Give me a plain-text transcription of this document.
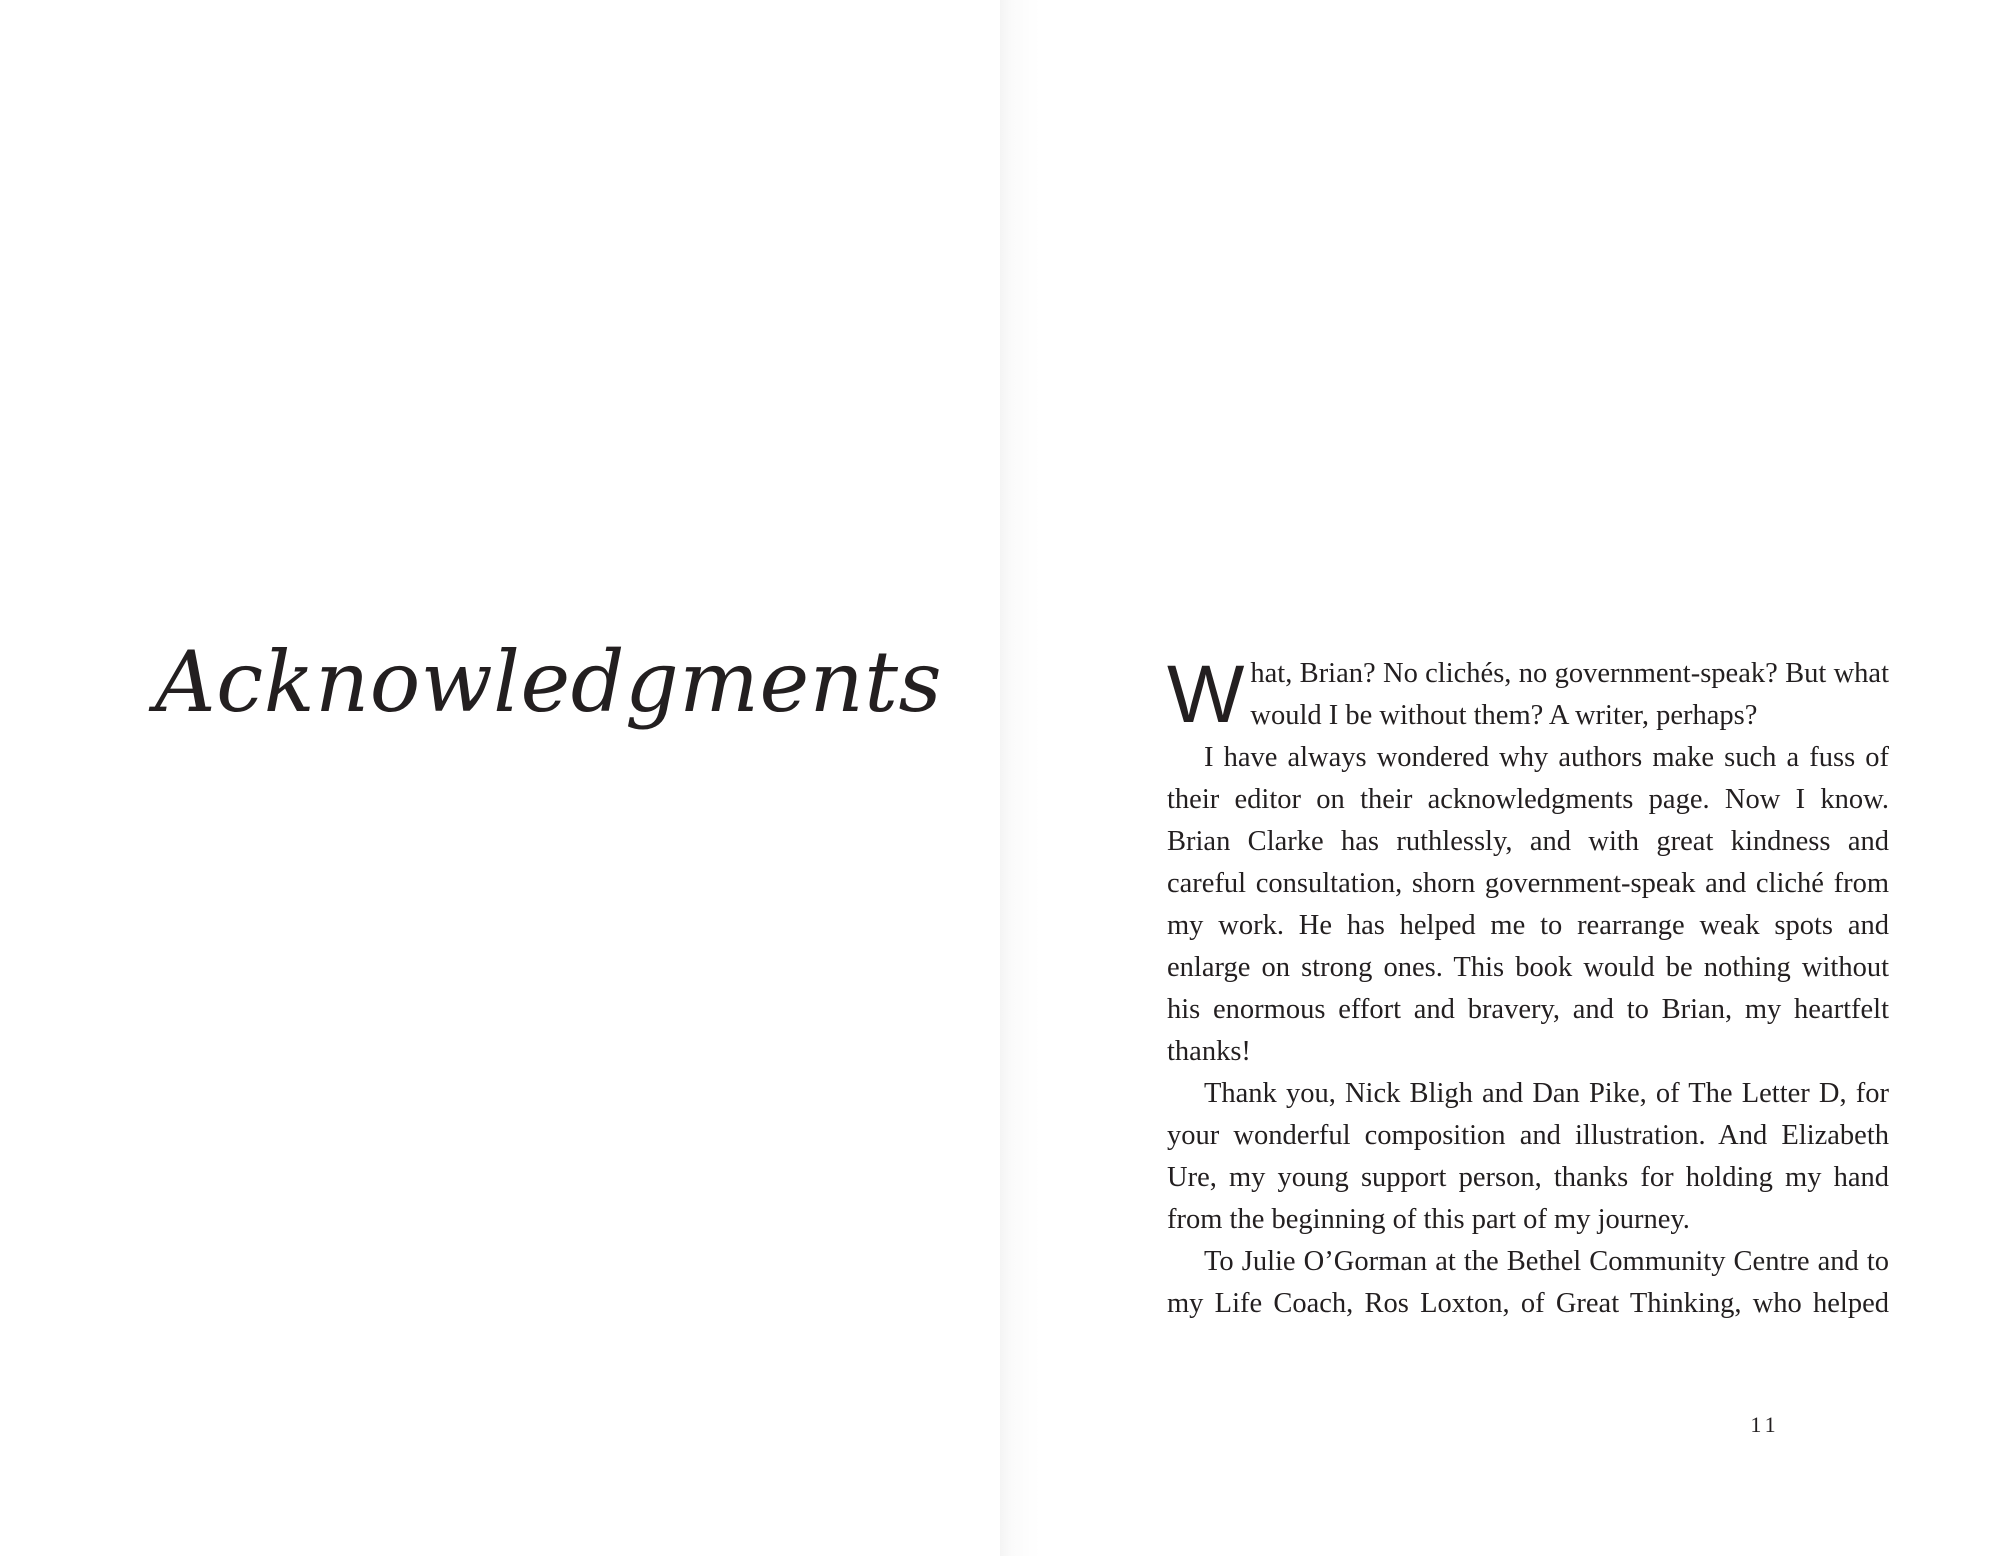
Acknowledgments	What, Brian? No clichés, no government-speak? But what would I be without them? A writer, perhaps?

I have always wondered why authors make such a fuss of their editor on their acknowledgments page. Now I know. Brian Clarke has ruthlessly, and with great kindness and careful consultation, shorn government-speak and cliché from my work. He has helped me to rearrange weak spots and enlarge on strong ones. This book would be nothing without his enormous effort and bravery, and to Brian, my heartfelt thanks!

Thank you, Nick Bligh and Dan Pike, of The Letter D, for your wonderful composition and illustration. And Elizabeth Ure, my young support person, thanks for holding my hand from the beginning of this part of my journey.

To Julie O’Gorman at the Bethel Community Centre and to my Life Coach, Ros Loxton, of Great Thinking, who helped

11
